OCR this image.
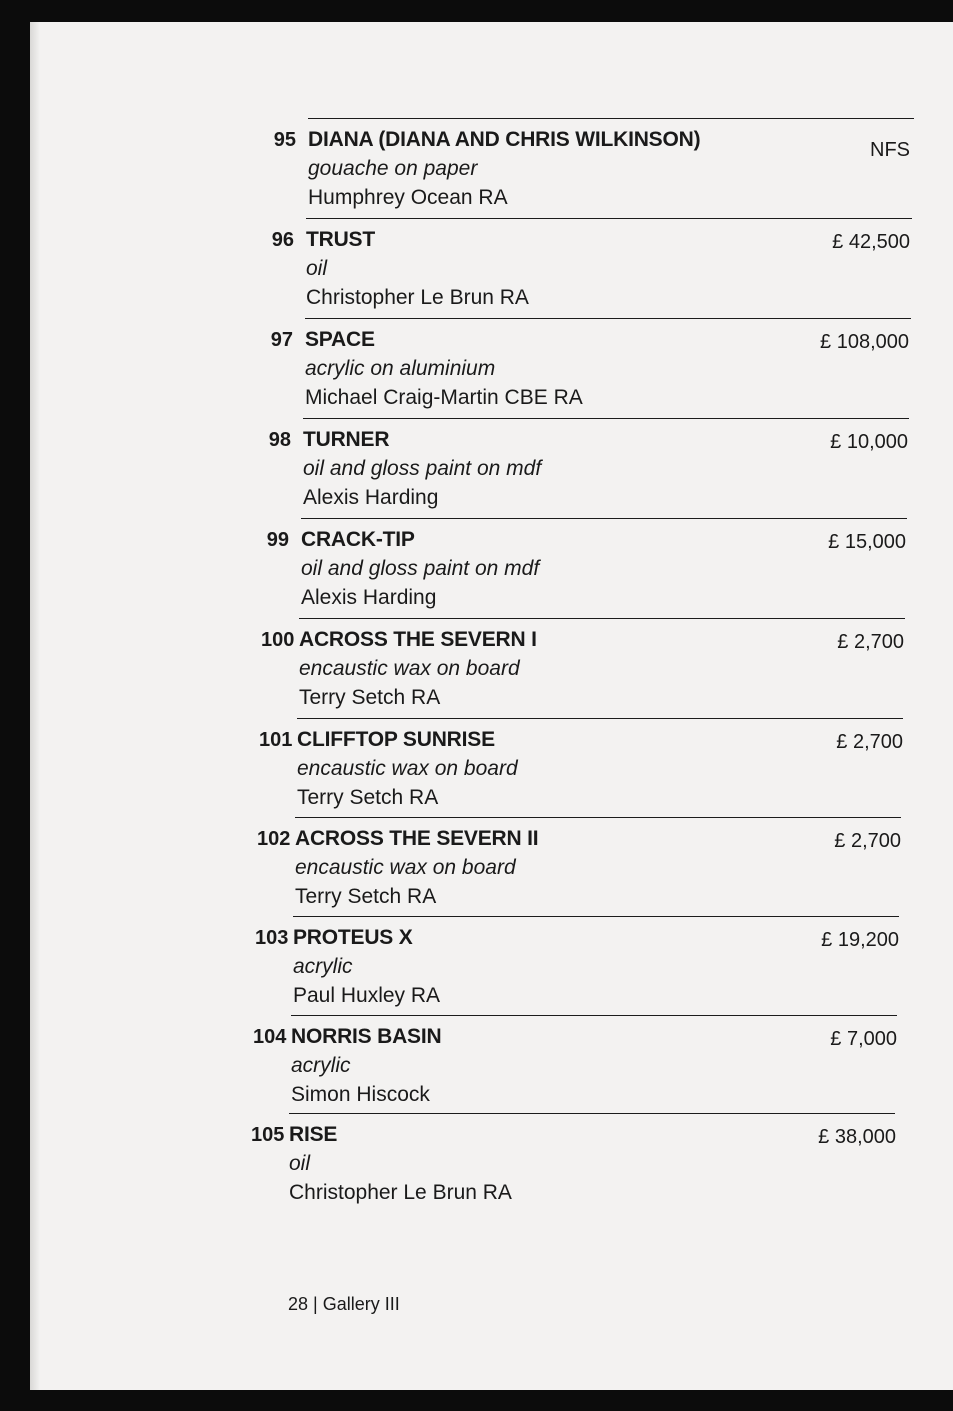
95 DIANA (DIANA AND CHRIS WILKINSON)
gouache on paper
Humphrey Ocean RA
NFS
96 TRUST
oil
Christopher Le Brun RA
£ 42,500
97 SPACE
acrylic on aluminium
Michael Craig-Martin CBE RA
£ 108,000
98 TURNER
oil and gloss paint on mdf
Alexis Harding
£ 10,000
99 CRACK-TIP
oil and gloss paint on mdf
Alexis Harding
£ 15,000
100 ACROSS THE SEVERN I
encaustic wax on board
Terry Setch RA
£ 2,700
101 CLIFFTOP SUNRISE
encaustic wax on board
Terry Setch RA
£ 2,700
102 ACROSS THE SEVERN II
encaustic wax on board
Terry Setch RA
£ 2,700
103 PROTEUS X
acrylic
Paul Huxley RA
£ 19,200
104 NORRIS BASIN
acrylic
Simon Hiscock
£ 7,000
105 RISE
oil
Christopher Le Brun RA
£ 38,000
28 | Gallery III
